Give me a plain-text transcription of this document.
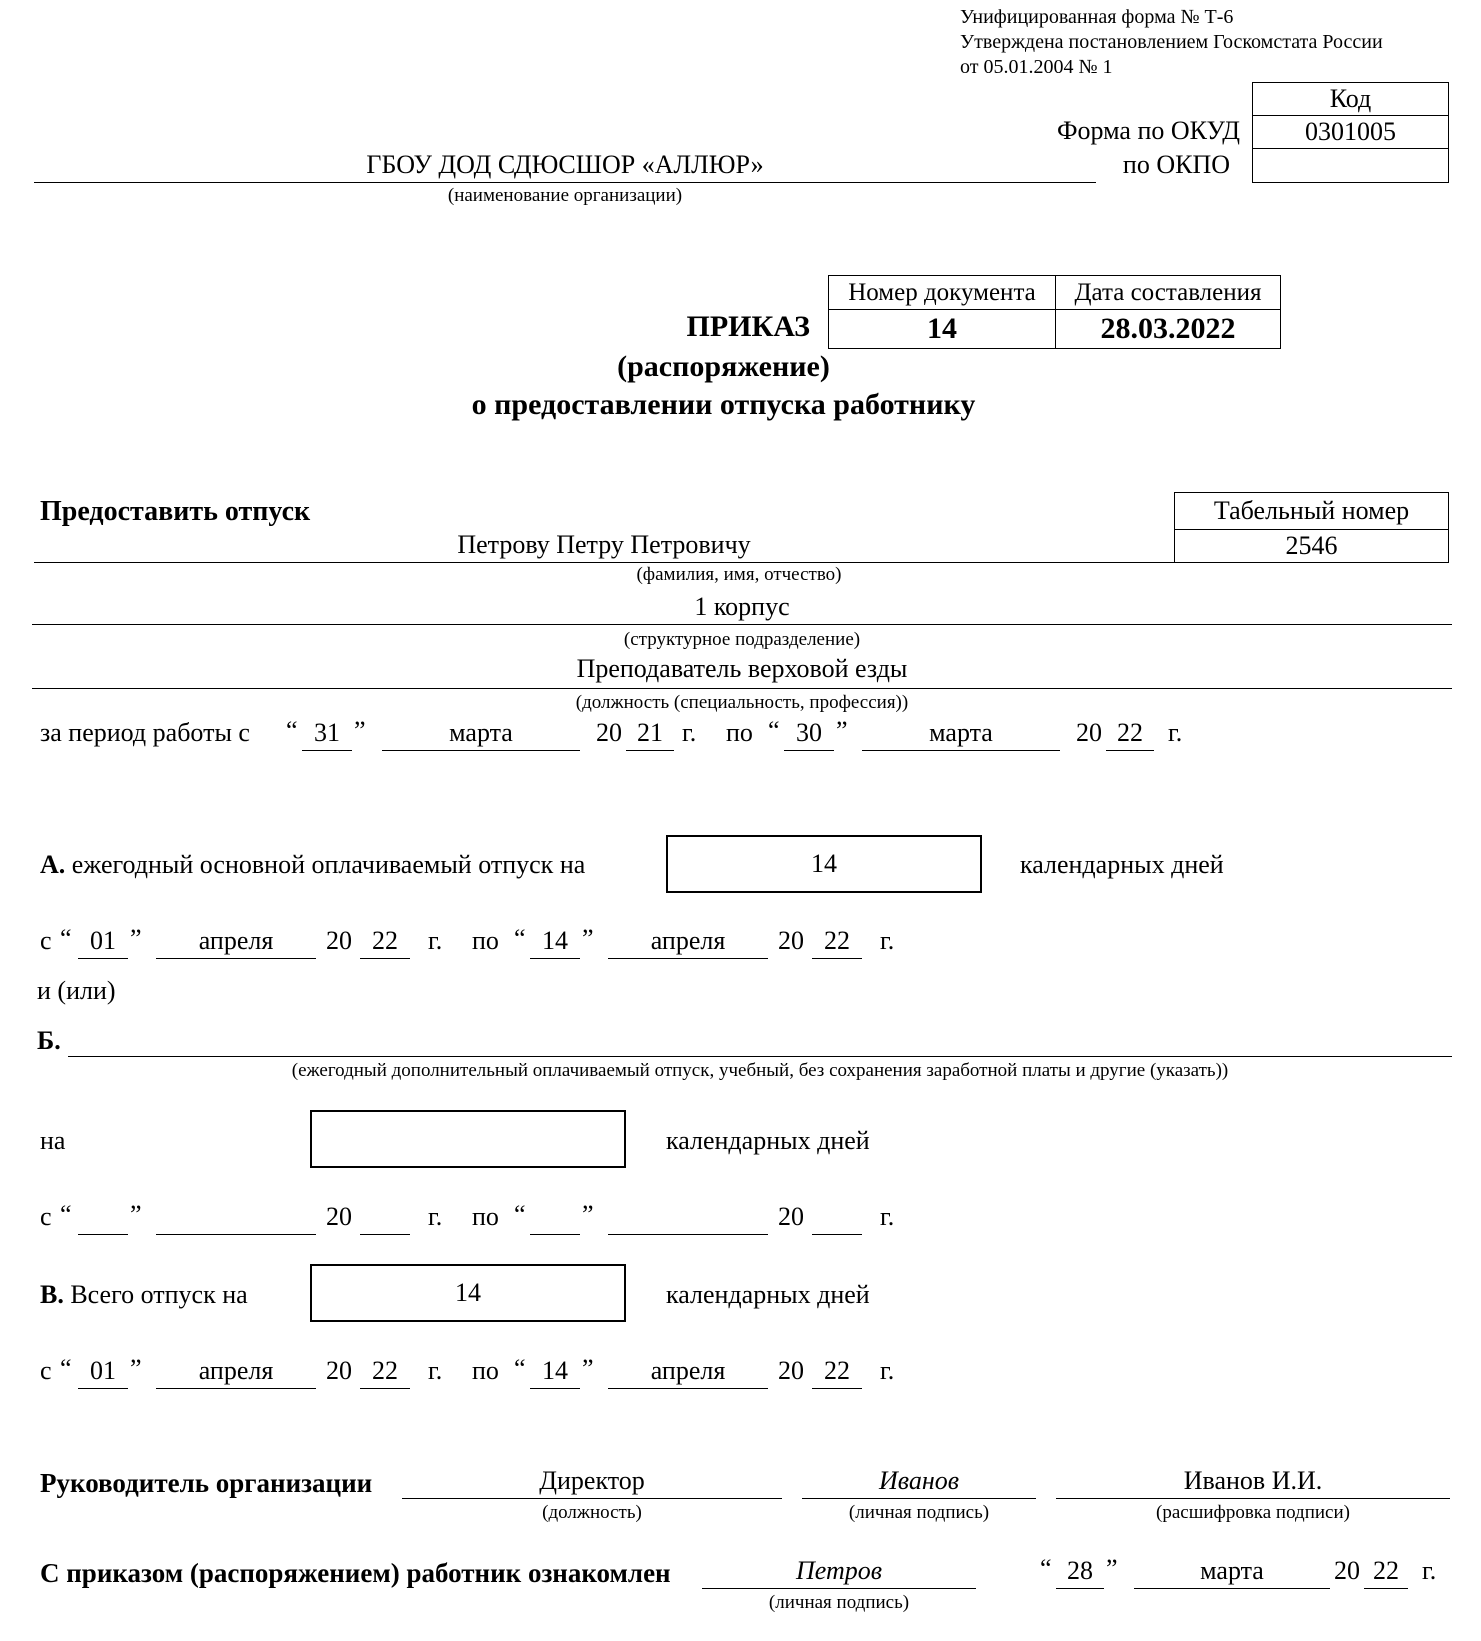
Унифицированная форма № Т-6
Утверждена постановлением Госкомстата России
от 05.01.2004 № 1
Код
0301005
Форма по ОКУД
по ОКПО
ГБОУ ДОД СДЮСШОР «АЛЛЮР»
(наименование организации)
Номер документа Дата составления
14	28.03.2022
ПРИКАЗ
(распоряжение)
о предоставлении отпуска работнику
Предоставить отпуск	Табельный номер
2546
Петрову Петру Петровичу
(фамилия, имя, отчество)
1 корпус
(структурное подразделение)
Преподаватель верховой езды
(должность (специальность, профессия))
за период работы с “ 31 ”	марта	20 21 г. по “ 30 ”	марта	20 22 г.
А. ежегодный основной оплачиваемый отпуск на	14	календарных дней
с “ 01 ”	апреля	20 22	г. по “ 14 ”	апреля	20 22	г.
и (или)
Б.
(ежегодный дополнительный оплачиваемый отпуск, учебный, без сохранения заработной платы и другие (указать))
на	календарных дней
с “ ”	20	г. по “ ”	20	г.
В. Всего отпуск на	14	календарных дней
с “ 01 ”	апреля	20 22	г. по “ 14 ”	апреля	20 22	г.
Руководитель организации	Директор
(должность)
Иванов
(личная подпись)
Иванов И.И.
(расшифровка подписи)
С приказом (распоряжением) работник ознакомлен	Петров
(личная подпись)
“ 28 ”	марта	20 22 г.
